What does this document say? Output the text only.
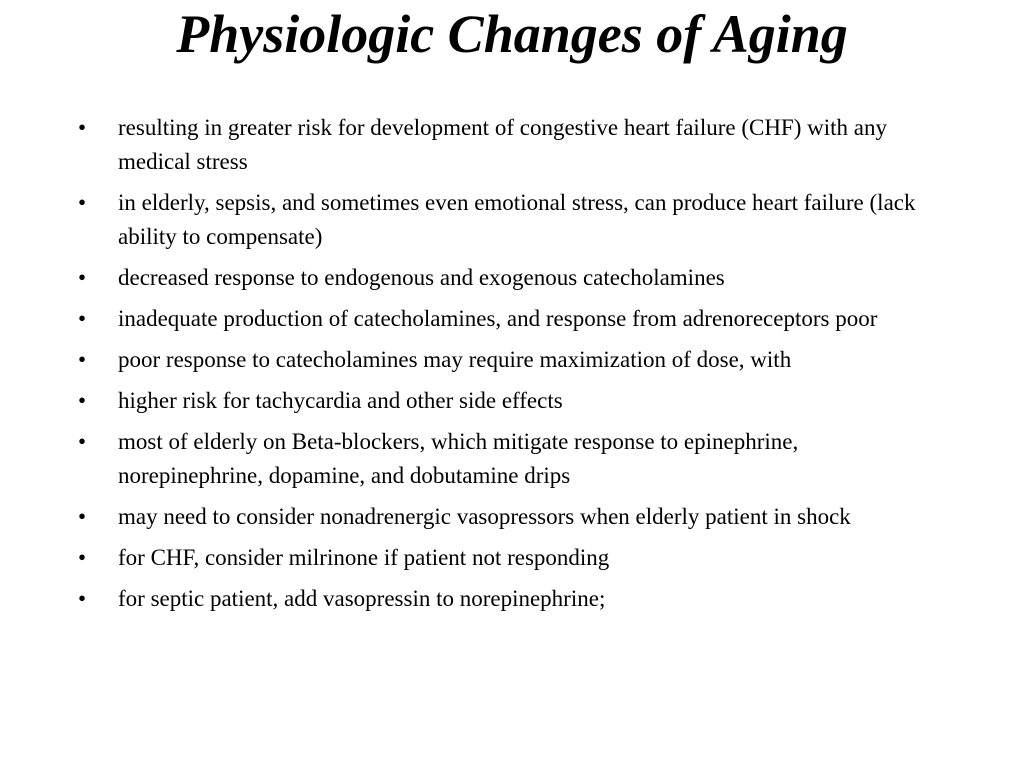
Physiologic Changes of Aging
•	resulting in greater risk for development of congestive heart failure (CHF) with any medical stress
•	in elderly, sepsis, and sometimes even emotional stress, can produce heart failure (lack ability to compensate)
•	decreased response to endogenous and exogenous catecholamines
•	inadequate production of catecholamines, and response from adrenoreceptors poor
•	poor response to catecholamines may require maximization of dose, with
•	higher risk for tachycardia and other side effects
•	most of elderly on Beta-blockers, which mitigate response to epinephrine, norepinephrine, dopamine, and dobutamine drips
•	may need to consider nonadrenergic vasopressors when elderly patient in shock
•	for CHF, consider milrinone if patient not responding
•	for septic patient, add vasopressin to norepinephrine;
